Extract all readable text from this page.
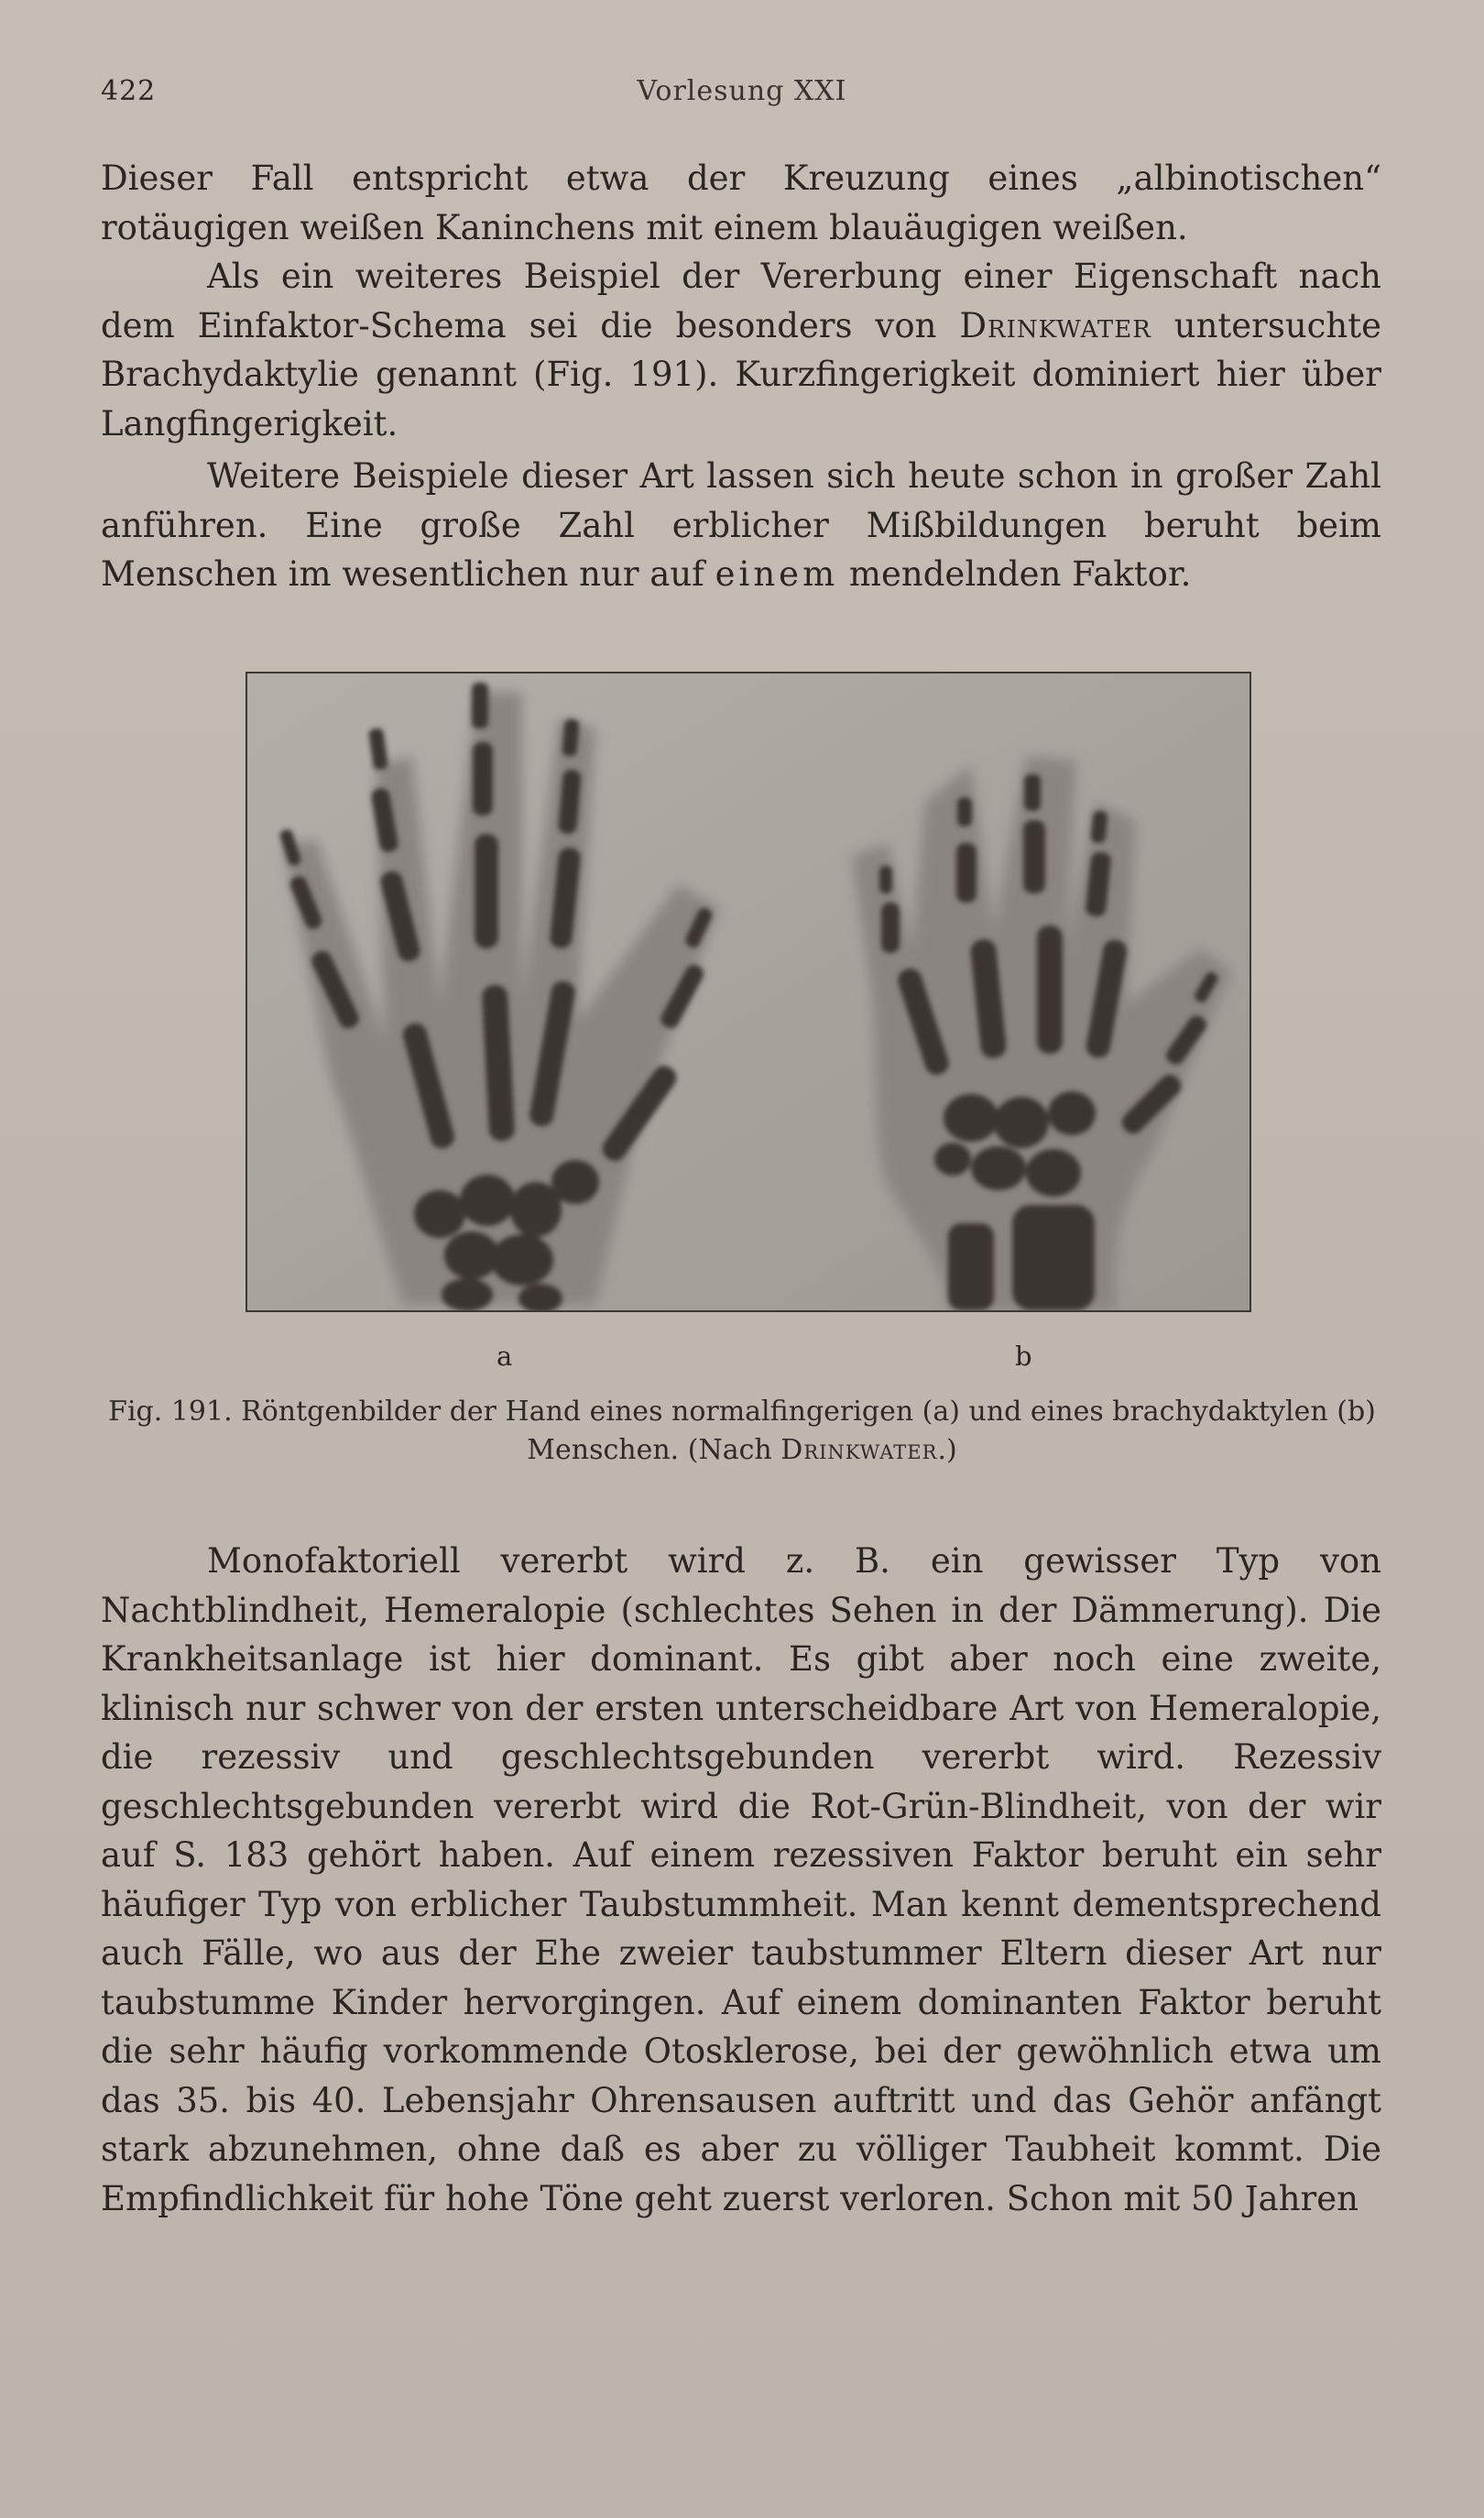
422	Vorlesung XXI

Dieser Fall entspricht etwa der Kreuzung eines „albinotischen“ rotäugigen weißen Kaninchens mit einem blauäugigen weißen.

Als ein weiteres Beispiel der Vererbung einer Eigenschaft nach dem Einfaktor-Schema sei die besonders von Drinkwater untersuchte Brachydaktylie genannt (Fig. 191). Kurzfingerigkeit dominiert hier über Langfingerigkeit.

Weitere Beispiele dieser Art lassen sich heute schon in großer Zahl anführen. Eine große Zahl erblicher Mißbildungen beruht beim Menschen im wesentlichen nur auf einem mendelnden Faktor.

a	b
Fig. 191. Röntgenbilder der Hand eines normalfingerigen (a) und eines brachydaktylen (b)
Menschen. (Nach Drinkwater.)

Monofaktoriell vererbt wird z. B. ein gewisser Typ von Nachtblindheit, Hemeralopie (schlechtes Sehen in der Dämmerung). Die Krankheitsanlage ist hier dominant. Es gibt aber noch eine zweite, klinisch nur schwer von der ersten unterscheidbare Art von Hemeralopie, die rezessiv und geschlechtsgebunden vererbt wird. Rezessiv geschlechtsgebunden vererbt wird die Rot-Grün-Blindheit, von der wir auf S. 183 gehört haben. Auf einem rezessiven Faktor beruht ein sehr häufiger Typ von erblicher Taubstummheit. Man kennt dementsprechend auch Fälle, wo aus der Ehe zweier taubstummer Eltern dieser Art nur taubstumme Kinder hervorgingen. Auf einem dominanten Faktor beruht die sehr häufig vorkommende Otosklerose, bei der gewöhnlich etwa um das 35. bis 40. Lebensjahr Ohrensausen auftritt und das Gehör anfängt stark abzunehmen, ohne daß es aber zu völliger Taubheit kommt. Die Empfindlichkeit für hohe Töne geht zuerst verloren. Schon mit 50 Jahren
